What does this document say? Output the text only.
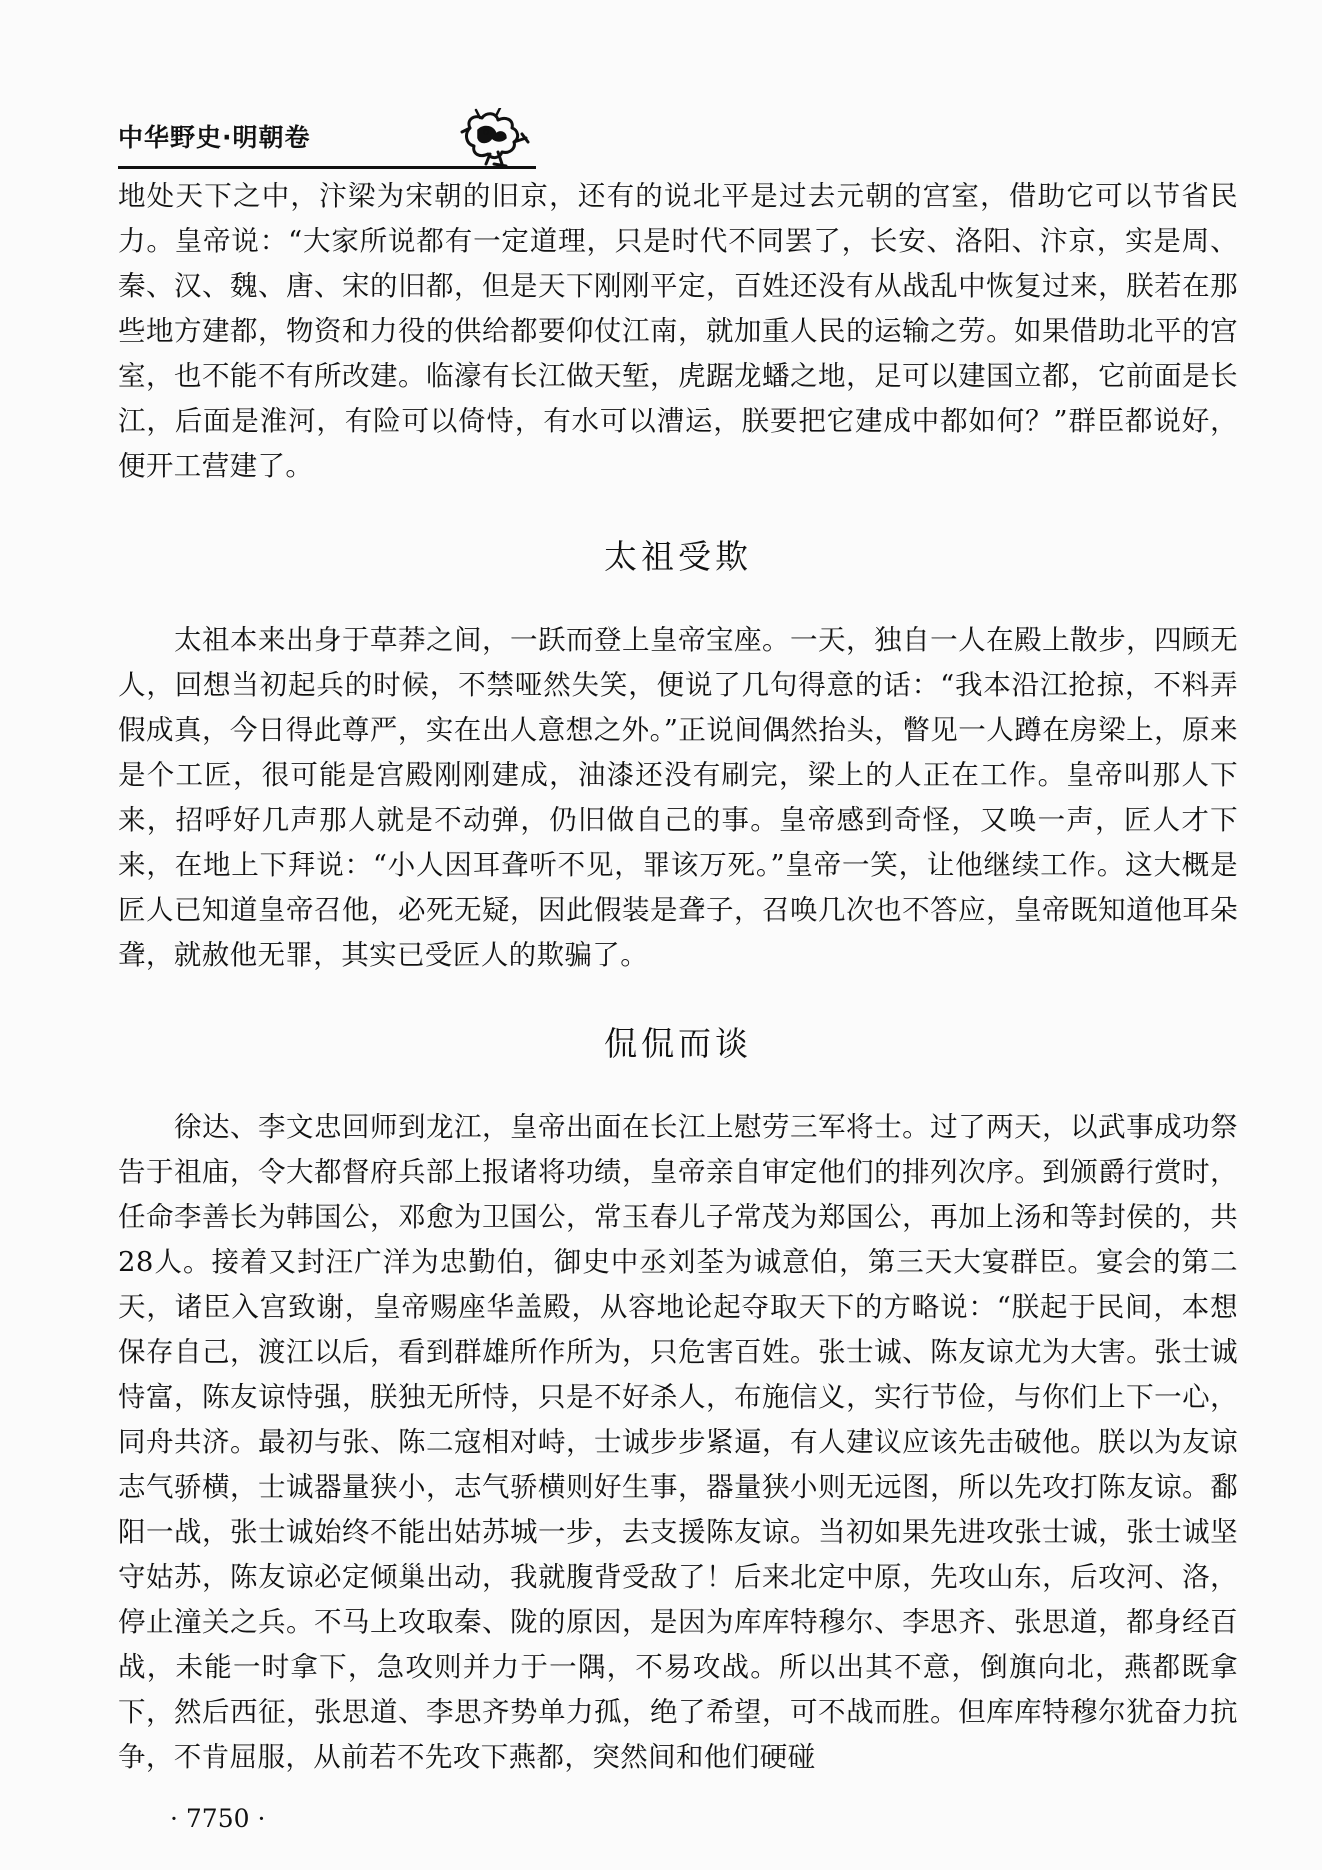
中华野史·明朝卷

地处天下之中，汴梁为宋朝的旧京，还有的说北平是过去元朝的宫室，借助它可以节省民力。皇帝说：“大家所说都有一定道理，只是时代不同罢了，长安、洛阳、汴京，实是周、秦、汉、魏、唐、宋的旧都，但是天下刚刚平定，百姓还没有从战乱中恢复过来，朕若在那些地方建都，物资和力役的供给都要仰仗江南，就加重人民的运输之劳。如果借助北平的宫室，也不能不有所改建。临濠有长江做天堑，虎踞龙蟠之地，足可以建国立都，它前面是长江，后面是淮河，有险可以倚恃，有水可以漕运，朕要把它建成中都如何？”群臣都说好，便开工营建了。

太祖受欺

太祖本来出身于草莽之间，一跃而登上皇帝宝座。一天，独自一人在殿上散步，四顾无人，回想当初起兵的时候，不禁哑然失笑，便说了几句得意的话：“我本沿江抢掠，不料弄假成真，今日得此尊严，实在出人意想之外。”正说间偶然抬头，瞥见一人蹲在房梁上，原来是个工匠，很可能是宫殿刚刚建成，油漆还没有刷完，梁上的人正在工作。皇帝叫那人下来，招呼好几声那人就是不动弹，仍旧做自己的事。皇帝感到奇怪，又唤一声，匠人才下来，在地上下拜说：“小人因耳聋听不见，罪该万死。”皇帝一笑，让他继续工作。这大概是匠人已知道皇帝召他，必死无疑，因此假装是聋子，召唤几次也不答应，皇帝既知道他耳朵聋，就赦他无罪，其实已受匠人的欺骗了。

侃侃而谈

徐达、李文忠回师到龙江，皇帝出面在长江上慰劳三军将士。过了两天，以武事成功祭告于祖庙，令大都督府兵部上报诸将功绩，皇帝亲自审定他们的排列次序。到颁爵行赏时，任命李善长为韩国公，邓愈为卫国公，常玉春儿子常茂为郑国公，再加上汤和等封侯的，共28人。接着又封汪广洋为忠勤伯，御史中丞刘荃为诚意伯，第三天大宴群臣。宴会的第二天，诸臣入宫致谢，皇帝赐座华盖殿，从容地论起夺取天下的方略说：“朕起于民间，本想保存自己，渡江以后，看到群雄所作所为，只危害百姓。张士诚、陈友谅尤为大害。张士诚恃富，陈友谅恃强，朕独无所恃，只是不好杀人，布施信义，实行节俭，与你们上下一心，同舟共济。最初与张、陈二寇相对峙，士诚步步紧逼，有人建议应该先击破他。朕以为友谅志气骄横，士诚器量狭小，志气骄横则好生事，器量狭小则无远图，所以先攻打陈友谅。鄱阳一战，张士诚始终不能出姑苏城一步，去支援陈友谅。当初如果先进攻张士诚，张士诚坚守姑苏，陈友谅必定倾巢出动，我就腹背受敌了！后来北定中原，先攻山东，后攻河、洛，停止潼关之兵。不马上攻取秦、陇的原因，是因为库库特穆尔、李思齐、张思道，都身经百战，未能一时拿下，急攻则并力于一隅，不易攻战。所以出其不意，倒旗向北，燕都既拿下，然后西征，张思道、李思齐势单力孤，绝了希望，可不战而胜。但库库特穆尔犹奋力抗争，不肯屈服，从前若不先攻下燕都，突然间和他们硬碰

· 7750 ·
